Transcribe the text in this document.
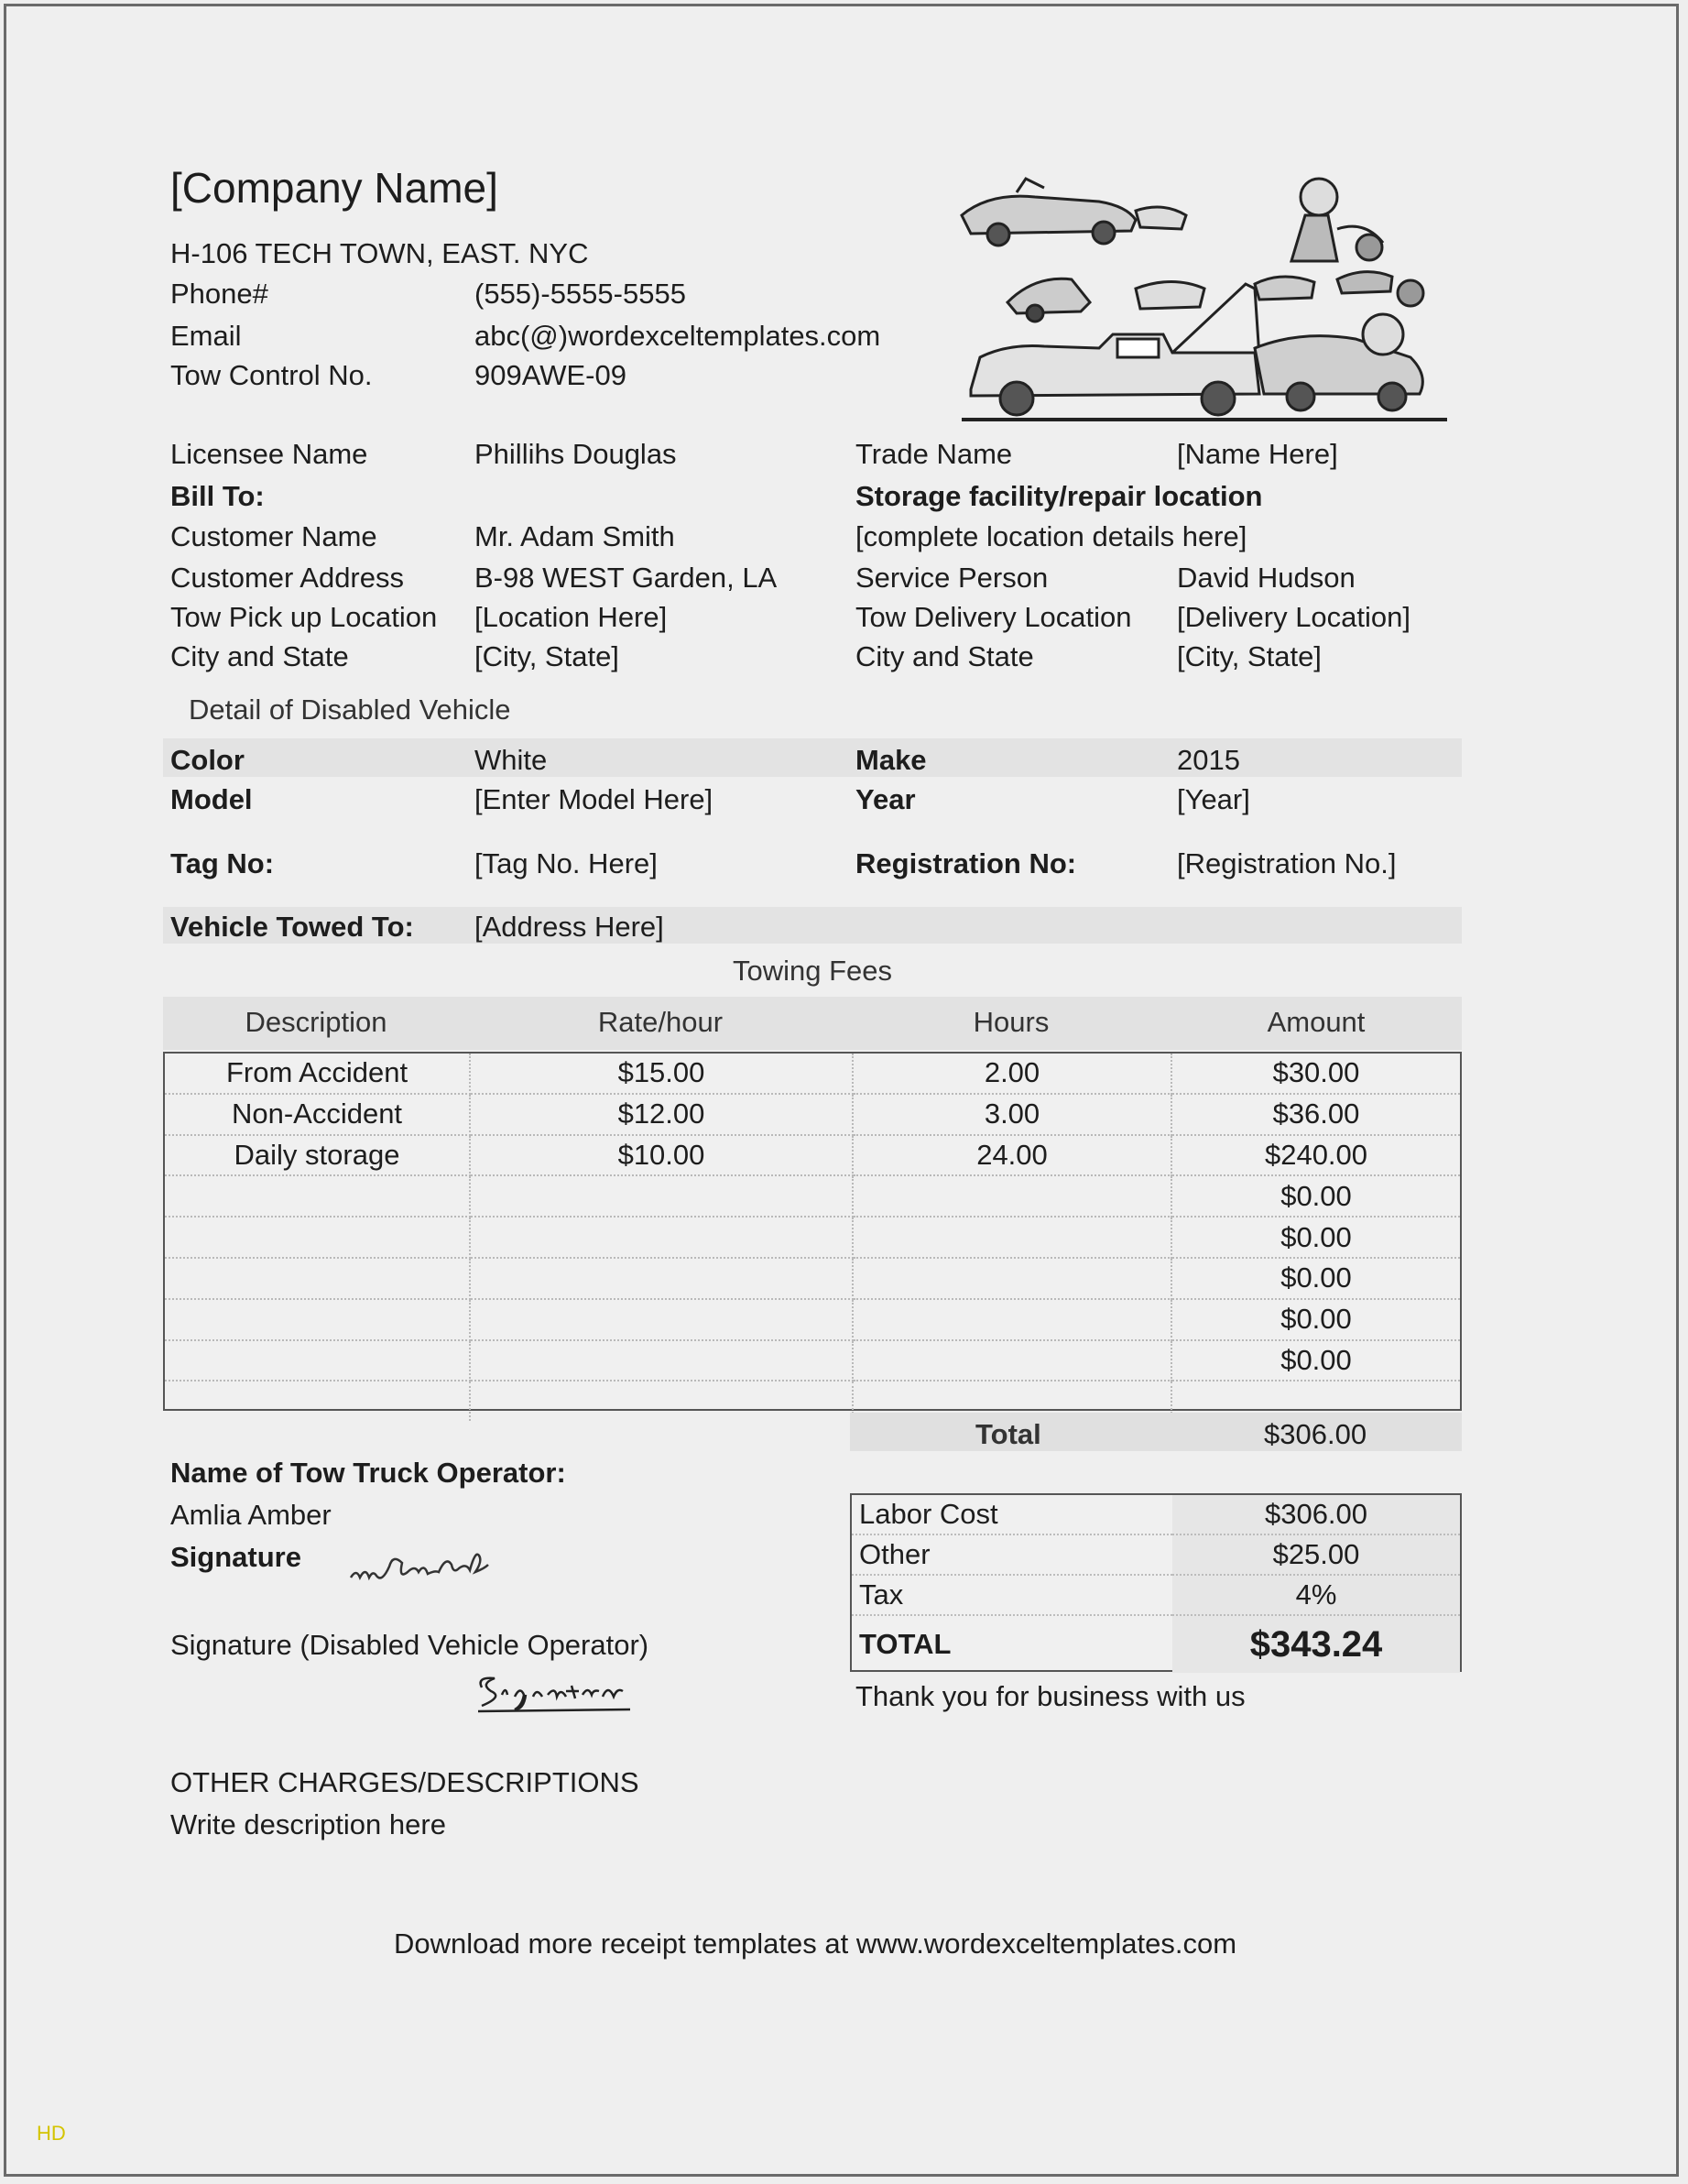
[Company Name]
H-106 TECH TOWN, EAST. NYC
Phone#	(555)-5555-5555
Email	abc(@)wordexceltemplates.com
Tow Control No.	909AWE-09
Licensee Name	Phillihs Douglas	Trade Name	[Name Here]
Bill To:	Storage facility/repair location
Customer Name	Mr. Adam Smith	[complete location details here]
Customer Address B-98 WEST Garden, LA	Service Person	David Hudson
Tow Pick up Location [Location Here]	Tow Delivery Location [Delivery Location]
City and State	[City, State]	City and State	[City, State]
Detail of Disabled Vehicle
Color	White	Make	2015
Model	[Enter Model Here]	Year	[Year]
Tag No:	[Tag No. Here]	Registration No:	[Registration No.]
Vehicle Towed To: [Address Here]
Towing Fees
Description	Rate/hour	Hours	Amount
From Accident	$15.00	2.00	$30.00
Non-Accident	$12.00	3.00	$36.00
Daily storage	$10.00	24.00	$240.00
			$0.00
			$0.00
			$0.00
			$0.00
			$0.00

Total	$306.00
Name of Tow Truck Operator:
Amlia Amber
Signature
Signature (Disabled Vehicle Operator)
Labor Cost	$306.00
Other	$25.00
Tax	4%
TOTAL	$343.24
Thank you for business with us
OTHER CHARGES/DESCRIPTIONS
Write description here
Download more receipt templates at www.wordexceltemplates.com
HD
